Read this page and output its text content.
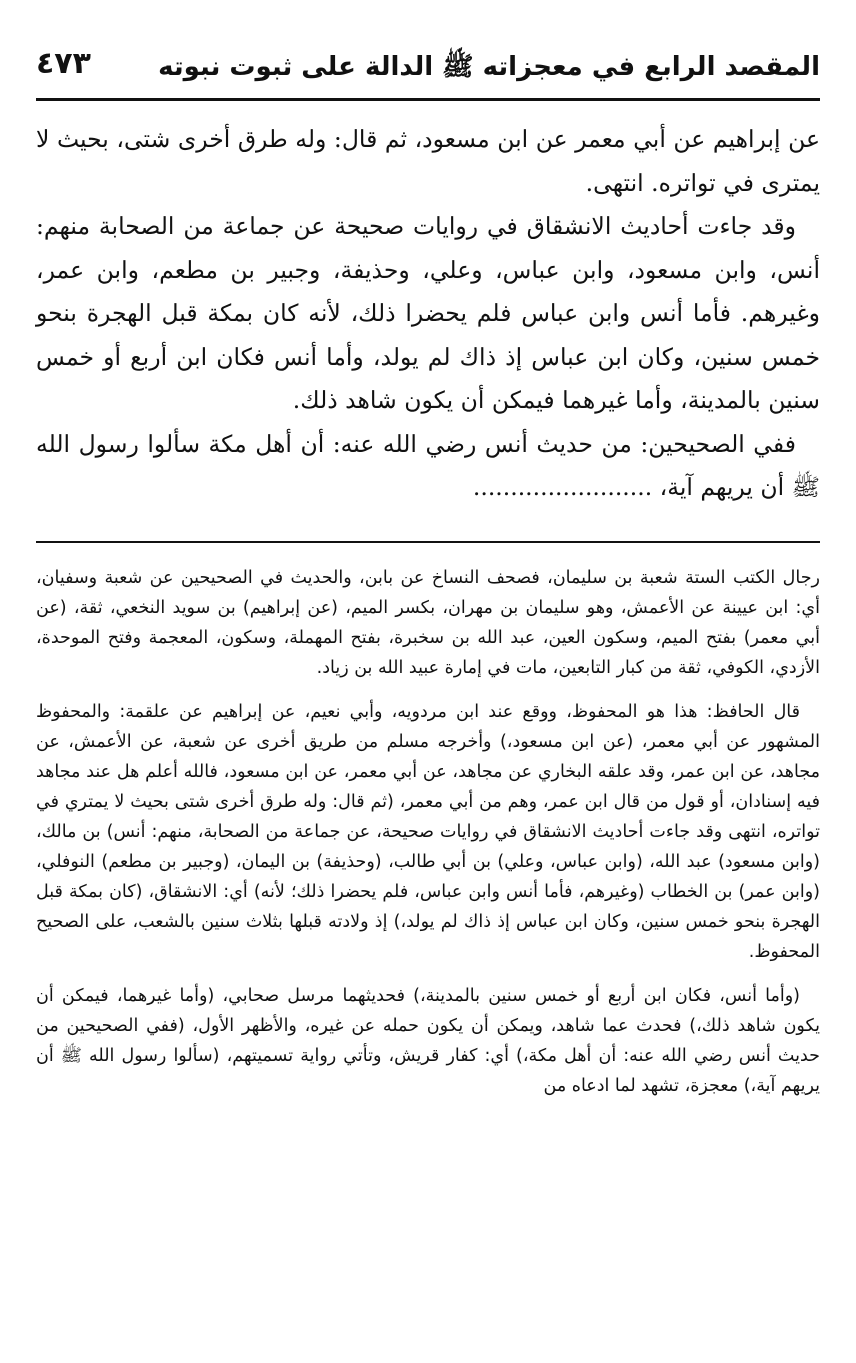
المقصد الرابع في معجزاته ﷺ الدالة على ثبوت نبوته
٤٧٣

عن إبراهيم عن أبي معمر عن ابن مسعود، ثم قال: وله طرق أخرى شتى، بحيث لا يمترى في تواتره. انتهى.

وقد جاءت أحاديث الانشقاق في روايات صحيحة عن جماعة من الصحابة منهم: أنس، وابن مسعود، وابن عباس، وعلي، وحذيفة، وجبير بن مطعم، وابن عمر، وغيرهم. فأما أنس وابن عباس فلم يحضرا ذلك، لأنه كان بمكة قبل الهجرة بنحو خمس سنين، وكان ابن عباس إذ ذاك لم يولد، وأما أنس فكان ابن أربع أو خمس سنين بالمدينة، وأما غيرهما فيمكن أن يكون شاهد ذلك.

ففي الصحيحين: من حديث أنس رضي الله عنه: أن أهل مكة سألوا رسول الله ﷺ أن يريهم آية، ........................

رجال الكتب الستة شعبة بن سليمان، فصحف النساخ عن بابن، والحديث في الصحيحين عن شعبة وسفيان، أي: ابن عيينة عن الأعمش، وهو سليمان بن مهران، بكسر الميم، (عن إبراهيم) بن سويد النخعي، ثقة، (عن أبي معمر) بفتح الميم، وسكون العين، عبد الله بن سخبرة، بفتح المهملة، وسكون، المعجمة وفتح الموحدة، الأزدي، الكوفي، ثقة من كبار التابعين، مات في إمارة عبيد الله بن زياد.

قال الحافظ: هذا هو المحفوظ، ووقع عند ابن مردويه، وأبي نعيم، عن إبراهيم عن علقمة: والمحفوظ المشهور عن أبي معمر، (عن ابن مسعود،) وأخرجه مسلم من طريق أخرى عن شعبة، عن الأعمش، عن مجاهد، عن ابن عمر، وقد علقه البخاري عن مجاهد، عن أبي معمر، عن ابن مسعود، فالله أعلم هل عند مجاهد فيه إسنادان، أو قول من قال ابن عمر، وهم من أبي معمر، (ثم قال: وله طرق أخرى شتى بحيث لا يمتري في تواتره، انتهى وقد جاءت أحاديث الانشقاق في روايات صحيحة، عن جماعة من الصحابة، منهم: أنس) بن مالك، (وابن مسعود) عبد الله، (وابن عباس، وعلي) بن أبي طالب، (وحذيفة) بن اليمان، (وجبير بن مطعم) النوفلي، (وابن عمر) بن الخطاب (وغيرهم، فأما أنس وابن عباس، فلم يحضرا ذلك؛ لأنه) أي: الانشقاق، (كان بمكة قبل الهجرة بنحو خمس سنين، وكان ابن عباس إذ ذاك لم يولد،) إذ ولادته قبلها بثلاث سنين بالشعب، على الصحيح المحفوظ.

(وأما أنس، فكان ابن أربع أو خمس سنين بالمدينة،) فحديثهما مرسل صحابي، (وأما غيرهما، فيمكن أن يكون شاهد ذلك،) فحدث عما شاهد، ويمكن أن يكون حمله عن غيره، والأظهر الأول، (ففي الصحيحين من حديث أنس رضي الله عنه: أن أهل مكة،) أي: كفار قريش، وتأتي رواية تسميتهم، (سألوا رسول الله ﷺ أن يريهم آية،) معجزة، تشهد لما ادعاه من
